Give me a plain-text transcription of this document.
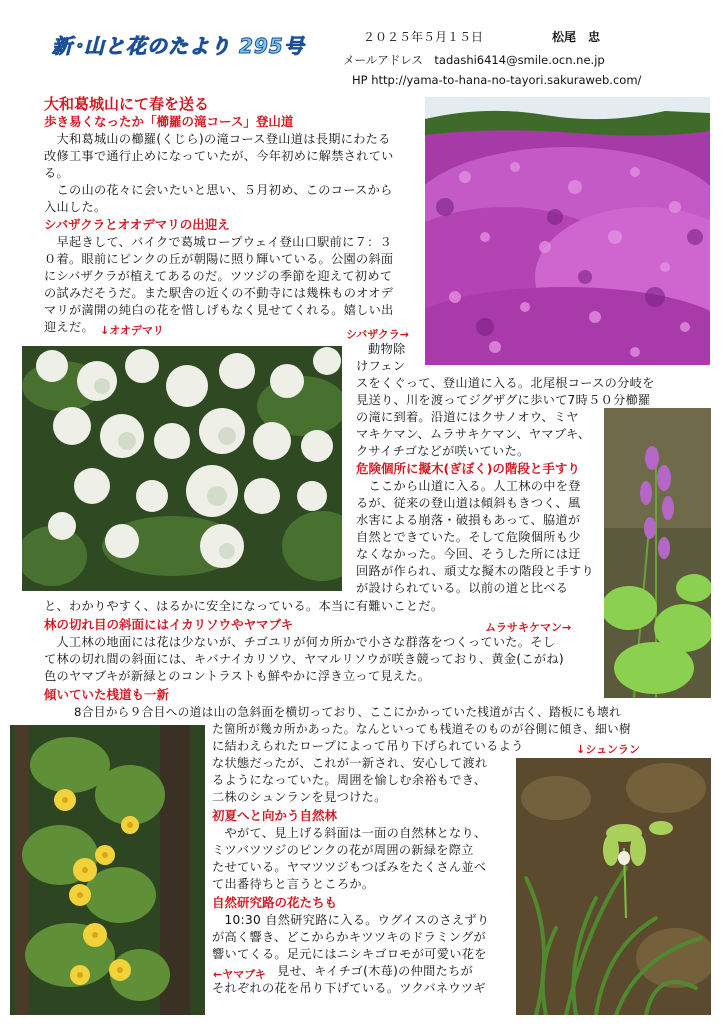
新･山と花のたより 295号	２０２５年５月１５日	松尾　忠
メールアドレス　tadashi6414@smile.ocn.ne.jp
HP http://yama-to-hana-no-tayori.sakuraweb.com/
大和葛城山にて春を送る
歩き易くなったか「櫛羅の滝コース」登山道
　大和葛城山の櫛羅(くじら)の滝コース登山道は長期にわたる
改修工事で通行止めになっていたが、今年初めに解禁されてい
る。
　この山の花々に会いたいと思い、５月初め、このコースから
入山した。
シバザクラとオオデマリの出迎え
　早起きして、バイクで葛城ロープウェイ登山口駅前に７：３
０着。眼前にピンクの丘が朝陽に照り輝いている。公園の斜面
にシバザクラが植えてあるのだ。ツツジの季節を迎えて初めて
の試みだそうだ。また駅舎の近くの不動寺には幾株ものオオデ
マリが満開の純白の花を惜しげもなく見せてくれる。嬉しい出
迎えだ。 ↓オオデマリ	シバザクラ→
動物除
けフェン
スをくぐって、登山道に入る。北尾根コースの分岐を
見送り、川を渡ってジグザグに歩いて7時５０分櫛羅
の滝に到着。沿道にはクサノオウ、ミヤ
マキケマン、ムラサキケマン、ヤマブキ、
クサイチゴなどが咲いていた。
危険個所に擬木(ぎぼく)の階段と手すり
　ここから山道に入る。人工林の中を登
るが、従来の登山道は傾斜もきつく、風
水害による崩落・破損もあって、脇道が
自然とできていた。そして危険個所も少
なくなかった。今回、そうした所には迂
回路が作られ、頑丈な擬木の階段と手すり
が設けられている。以前の道と比べる
と、わかりやすく、はるかに安全になっている。本当に有難いことだ。
林の切れ目の斜面にはイカリソウやヤマブキ	ムラサキケマン→
　人工林の地面には花は少ないが、チゴユリが何カ所かで小さな群落をつくっていた。そし
て林の切れ間の斜面には、キバナイカリソウ、ヤマルリソウが咲き競っており、黄金(こがね)
色のヤマブキが新緑とのコントラストも鮮やかに浮き立って見えた。
傾いていた桟道も一新
　8合目から９合目への道は山の急斜面を横切っており、ここにかかっていた桟道が古く、踏板にも壊れ
た箇所が幾カ所かあった。なんといっても桟道そのものが谷側に傾き、細い樹
に結わえられたロープによって吊り下げられているよう
な状態だったが、これが一新され、安心して渡れ
るようになっていた。周囲を愉しむ余裕もでき、
二株のシュンランを見つけた。
↓シュンラン
初夏へと向かう自然林
　やがて、見上げる斜面は一面の自然林となり、
ミツバツツジのピンクの花が周囲の新緑を際立
たせている。ヤマツツジもつぼみをたくさん並べ
て出番待ちと言うところか。
自然研究路の花たちも
　10:30 自然研究路に入る。ウグイスのさえずり
が高く響き、どこからかキツツキのドラミングが
響いてくる。足元にはニシキゴロモが可愛い花を
見せ、キイチゴ(木苺)の仲間たちが
それぞれの花を吊り下げている。ツクバネウツギ
←ヤマブキ
